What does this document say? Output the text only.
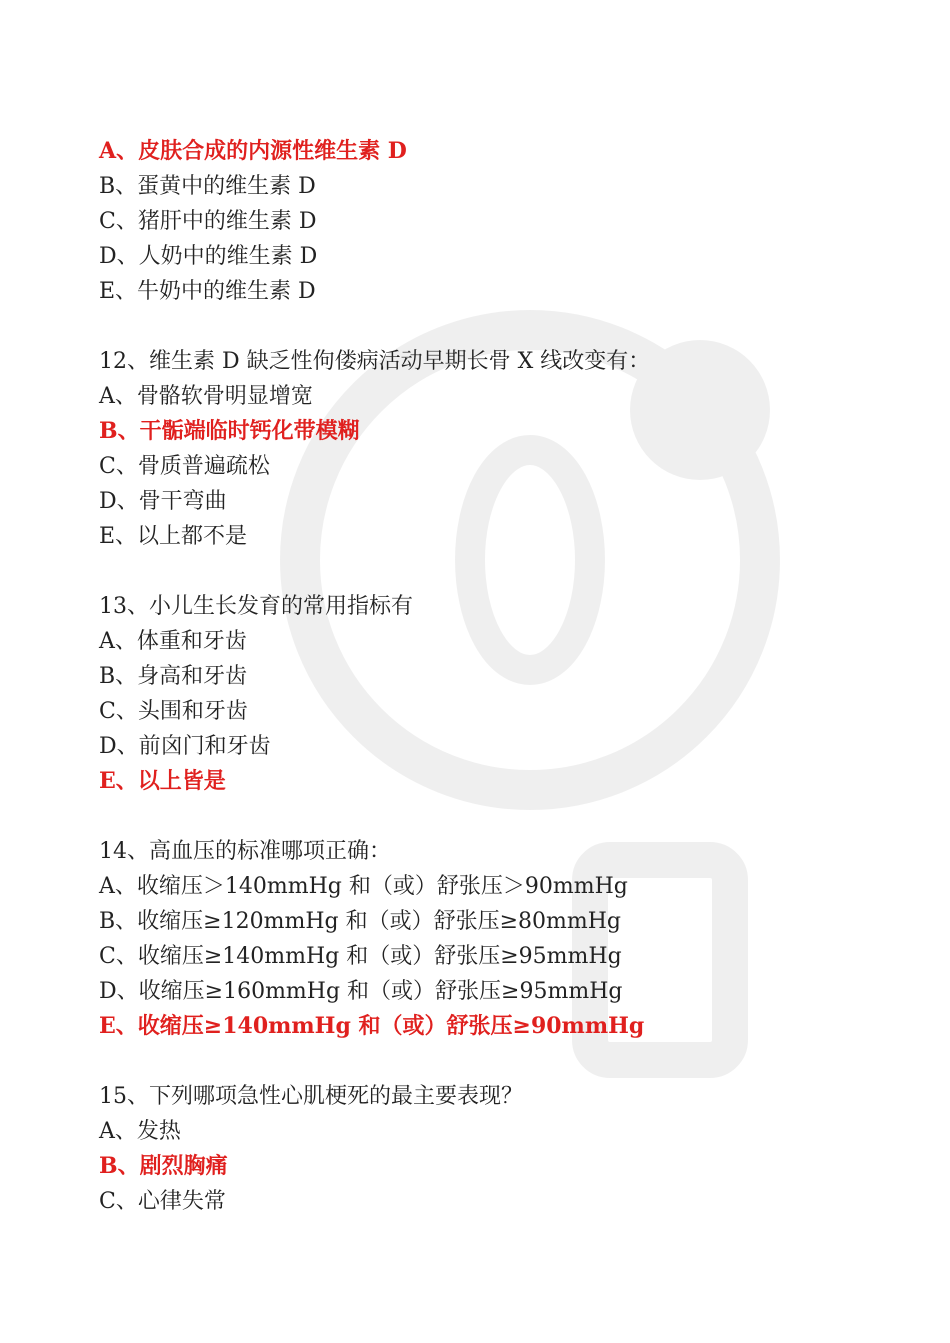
A、皮肤合成的内源性维生素 D
B、蛋黄中的维生素 D
C、猪肝中的维生素 D
D、人奶中的维生素 D
E、牛奶中的维生素 D
12、维生素 D 缺乏性佝偻病活动早期长骨 X 线改变有：
A、骨骼软骨明显增宽
B、干骺端临时钙化带模糊
C、骨质普遍疏松
D、骨干弯曲
E、以上都不是
13、小儿生长发育的常用指标有
A、体重和牙齿
B、身高和牙齿
C、头围和牙齿
D、前囟门和牙齿
E、以上皆是
14、高血压的标准哪项正确：
A、收缩压＞140mmHg 和（或）舒张压＞90mmHg
B、收缩压≥120mmHg 和（或）舒张压≥80mmHg
C、收缩压≥140mmHg 和（或）舒张压≥95mmHg
D、收缩压≥160mmHg 和（或）舒张压≥95mmHg
E、收缩压≥140mmHg 和（或）舒张压≥90mmHg
15、下列哪项急性心肌梗死的最主要表现？
A、发热
B、剧烈胸痛
C、心律失常
